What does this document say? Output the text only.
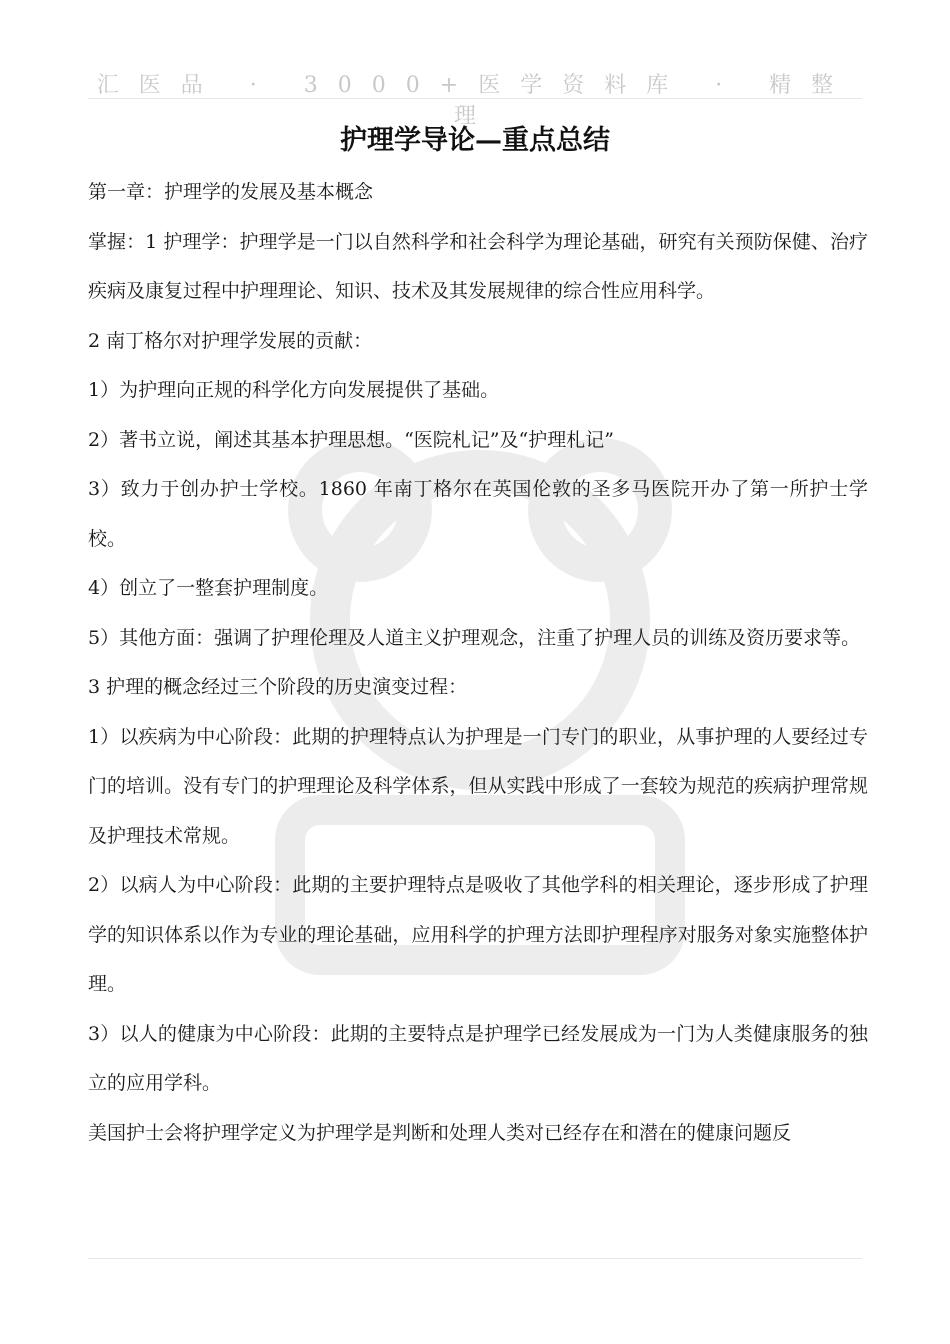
汇医品 · 3000+医学资料库 · 精整理
护理学导论—重点总结

第一章：护理学的发展及基本概念

掌握：1 护理学：护理学是一门以自然科学和社会科学为理论基础，研究有关预防保健、治疗疾病及康复过程中护理理论、知识、技术及其发展规律的综合性应用科学。

2 南丁格尔对护理学发展的贡献：

1）为护理向正规的科学化方向发展提供了基础。

2）著书立说，阐述其基本护理思想。“医院札记”及“护理札记”

3）致力于创办护士学校。1860 年南丁格尔在英国伦敦的圣多马医院开办了第一所护士学校。

4）创立了一整套护理制度。

5）其他方面：强调了护理伦理及人道主义护理观念，注重了护理人员的训练及资历要求等。

3 护理的概念经过三个阶段的历史演变过程：

1）以疾病为中心阶段：此期的护理特点认为护理是一门专门的职业，从事护理的人要经过专门的培训。没有专门的护理理论及科学体系，但从实践中形成了一套较为规范的疾病护理常规及护理技术常规。

2）以病人为中心阶段：此期的主要护理特点是吸收了其他学科的相关理论，逐步形成了护理学的知识体系以作为专业的理论基础，应用科学的护理方法即护理程序对服务对象实施整体护理。

3）以人的健康为中心阶段：此期的主要特点是护理学已经发展成为一门为人类健康服务的独立的应用学科。

美国护士会将护理学定义为护理学是判断和处理人类对已经存在和潜在的健康问题反
